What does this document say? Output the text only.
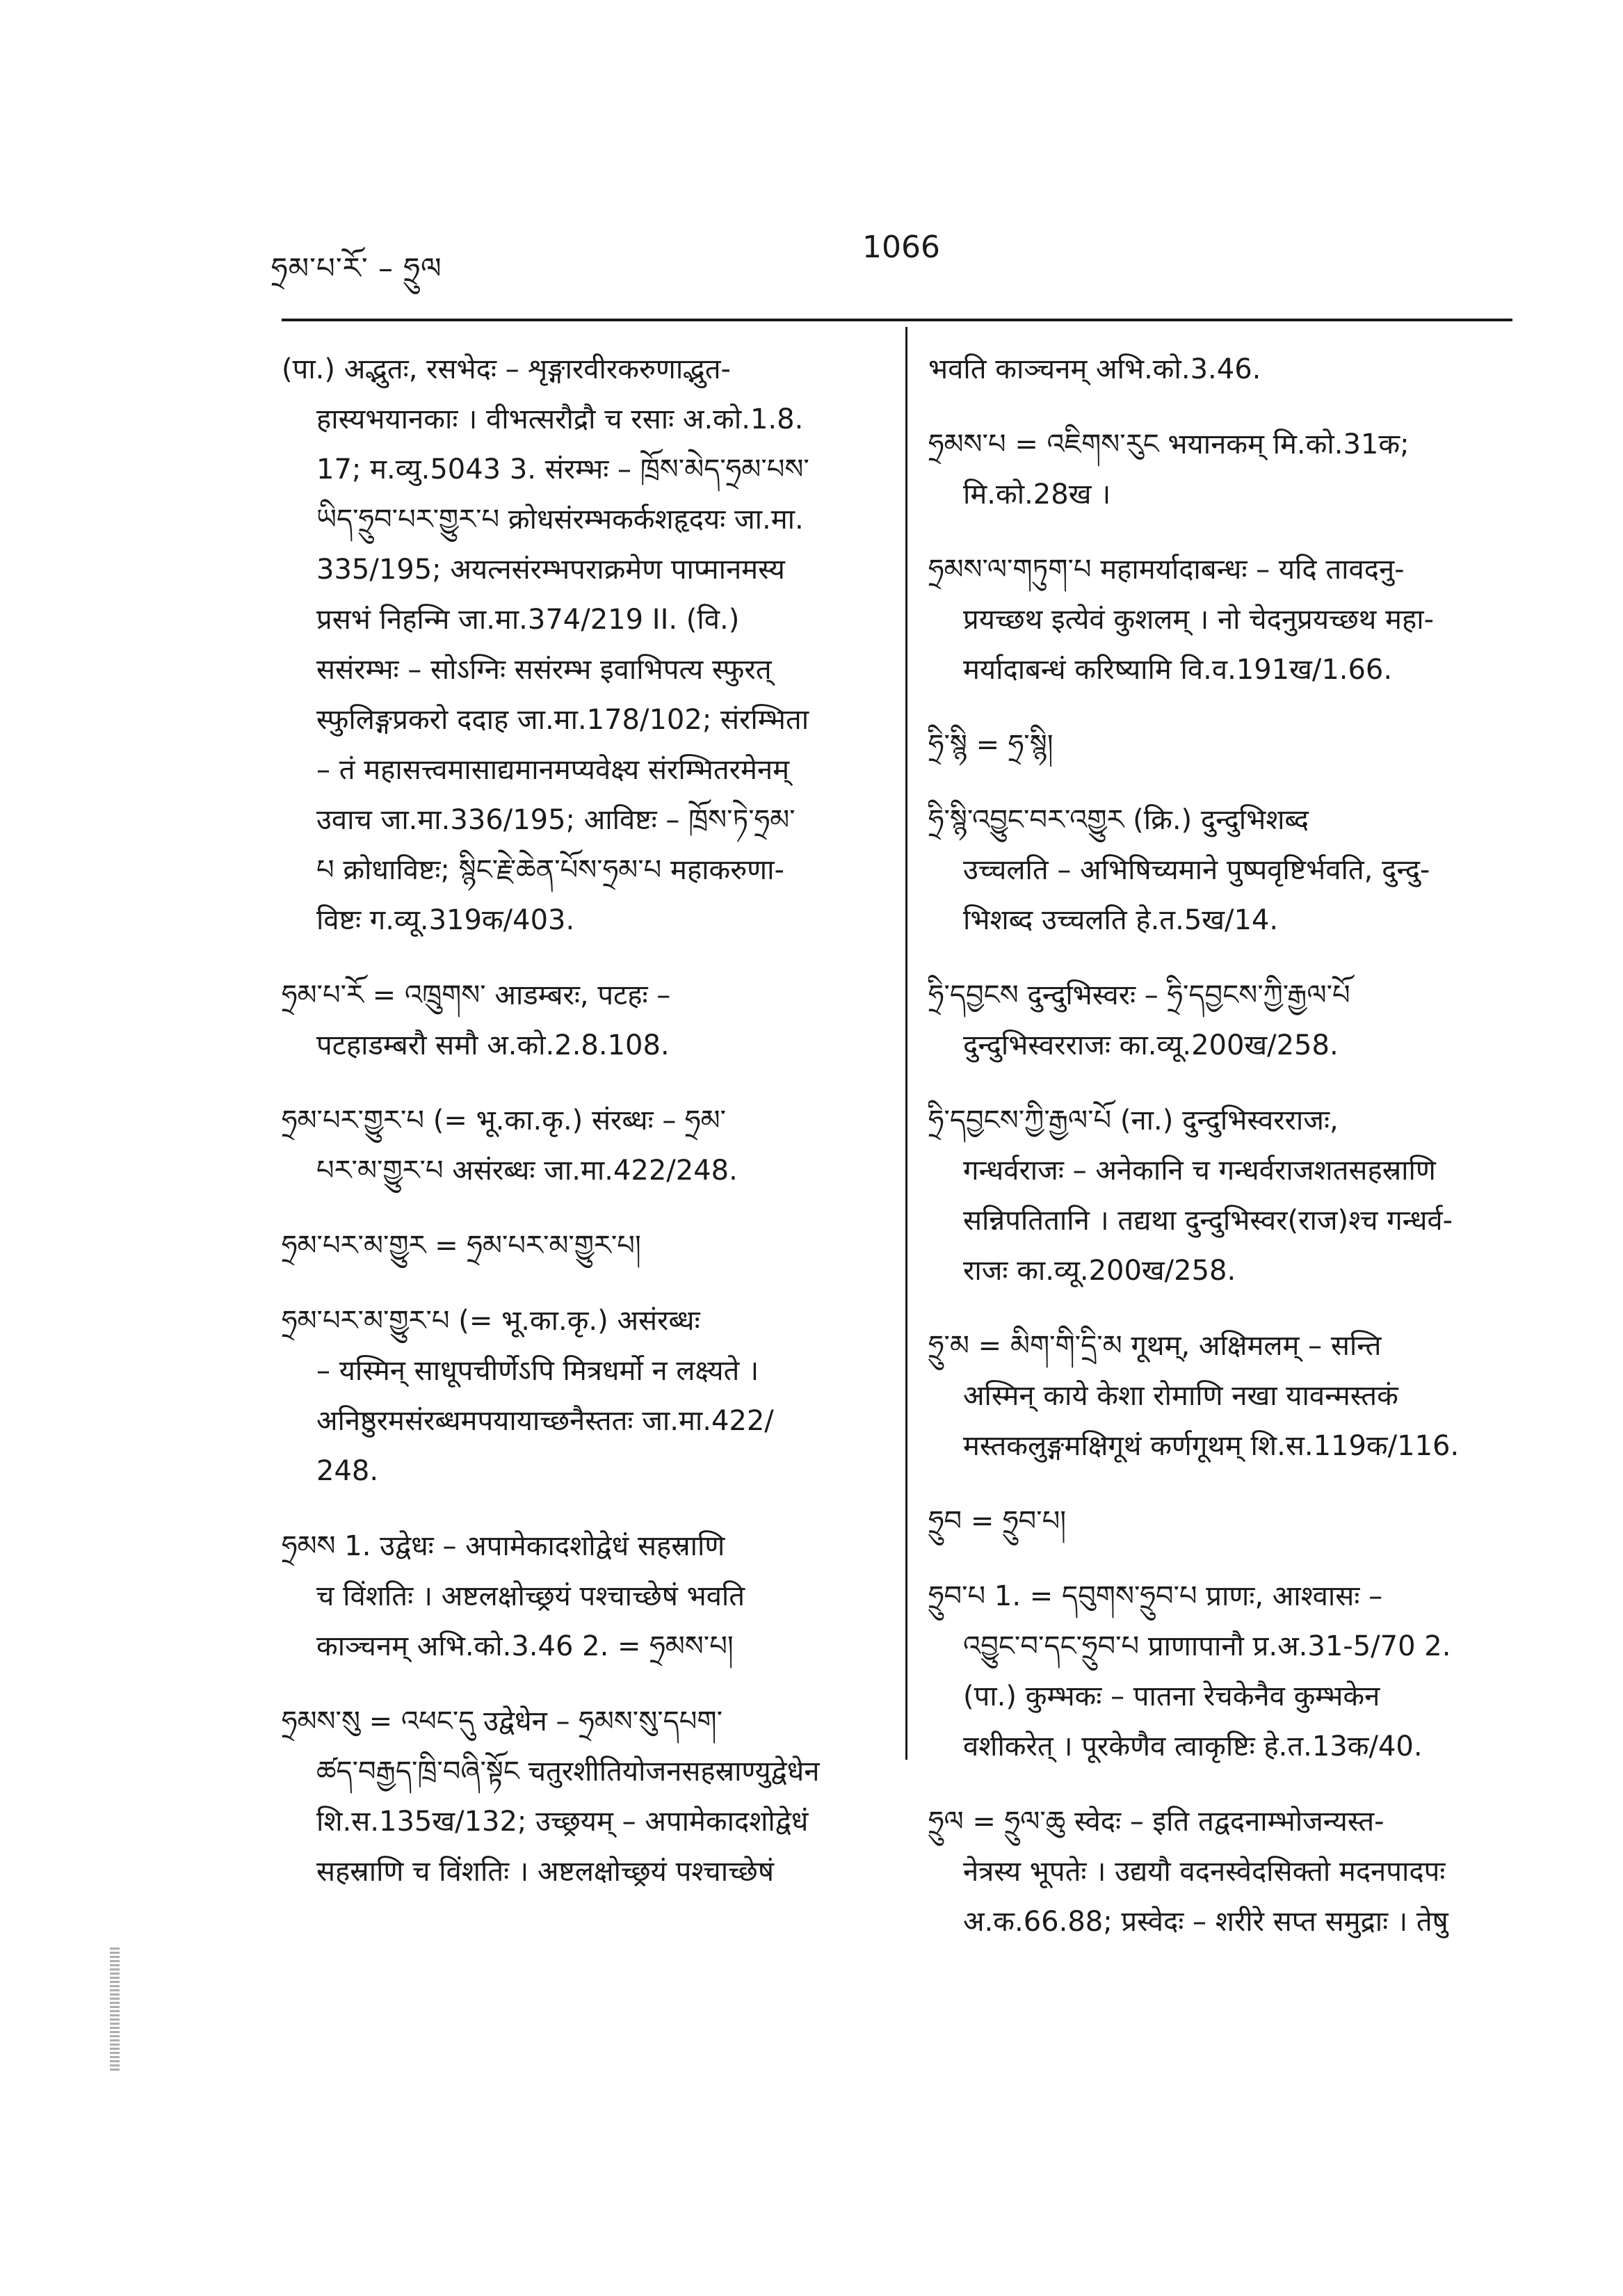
ཧྲམ་པ་རོ་ – ཧྲུལ
1066
(पा.) अद्भुतः, रसभेदः – शृङ्गारवीरकरुणाद्भुत-
हास्यभयानकाः । वीभत्सरौद्रौ च रसाः अ.को.1.8.
17; म.व्यु.5043 3. संरम्भः – ཁྲོས་མེད་ཧྲམ་པས་
ཡིད་ཧྲུབ་པར་གྱུར་པ क्रोधसंरम्भकर्कशहृदयः जा.मा.
335/195; अयत्नसंरम्भपराक्रमेण पाप्मानमस्य
प्रसभं निहन्मि जा.मा.374/219 II. (वि.)
ससंरम्भः – सोऽग्निः ससंरम्भ इवाभिपत्य स्फुरत्
स्फुलिङ्गप्रकरो ददाह जा.मा.178/102; संरम्भिता
– तं महासत्त्वमासाद्यमानमप्यवेक्ष्य संरम्भितरमेनम्
उवाच जा.मा.336/195; आविष्टः – ཁྲོས་ཏེ་ཧྲམ་
པ क्रोधाविष्टः; སྙིང་རྗེ་ཆེན་པོས་ཧྲམ་པ महाकरुणा-
विष्टः ग.व्यू.319क/403.
ཧྲམ་པ་རོ = འཁྲུགས་ आडम्बरः, पटहः –
पटहाडम्बरौ समौ अ.को.2.8.108.
ཧྲམ་པར་གྱུར་པ (= भू.का.कृ.) संरब्धः – ཧྲམ་
པར་མ་གྱུར་པ असंरब्धः जा.मा.422/248.
ཧྲམ་པར་མ་གྱུར = ཧྲམ་པར་མ་གྱུར་པ།
ཧྲམ་པར་མ་གྱུར་པ (= भू.का.कृ.) असंरब्धः
– यस्मिन् साधूपचीर्णेऽपि मित्रधर्मो न लक्ष्यते ।
अनिष्ठुरमसंरब्धमपयायाच्छनैस्ततः जा.मा.422/
248.
ཧྲམས 1. उद्वेधः – अपामेकादशोद्वेधं सहस्राणि
च विंशतिः । अष्टलक्षोच्छ्रयं पश्चाच्छेषं भवति
काञ्चनम् अभि.को.3.46 2. = ཧྲམས་པ།
ཧྲམས་སུ = འཕང་དུ उद्वेधेन – ཧྲམས་སུ་དཔག་
ཚད་བརྒྱད་ཁྲི་བཞི་སྟོང चतुरशीतियोजनसहस्राण्युद्वेधेन
शि.स.135ख/132; उच्छ्रयम् – अपामेकादशोद्वेधं
सहस्राणि च विंशतिः । अष्टलक्षोच्छ्रयं पश्चाच्छेषं
भवति काञ्चनम् अभि.को.3.46.
ཧྲམས་པ = འཇིགས་རུང भयानकम् मि.को.31क;
मि.को.28ख ।
ཧྲམས་ལ་གཏུག་པ महामर्यादाबन्धः – यदि तावदनु-
प्रयच्छथ इत्येवं कुशलम् । नो चेदनुप्रयच्छथ महा-
मर्यादाबन्धं करिष्यामि वि.व.191ख/1.66.
ཧྲི་སྙི = ཧྲ་སྙི།
ཧྲི་སྙི་འབྱུང་བར་འགྱུར (क्रि.) दुन्दुभिशब्द
उच्चलति – अभिषिच्यमाने पुष्पवृष्टिर्भवति, दुन्दु-
भिशब्द उच्चलति हे.त.5ख/14.
ཧྲི་དབྱངས दुन्दुभिस्वरः – ཧྲི་དབྱངས་ཀྱི་རྒྱལ་པོ
दुन्दुभिस्वरराजः का.व्यू.200ख/258.
ཧྲི་དབྱངས་ཀྱི་རྒྱལ་པོ (ना.) दुन्दुभिस्वरराजः,
गन्धर्वराजः – अनेकानि च गन्धर्वराजशतसहस्राणि
सन्निपतितानि । तद्यथा दुन्दुभिस्वर(राज)श्च गन्धर्व-
राजः का.व्यू.200ख/258.
ཧྲུ་མ = མིག་གི་དྲི་མ गूथम्, अक्षिमलम् – सन्ति
अस्मिन् काये केशा रोमाणि नखा यावन्मस्तकं
मस्तकलुङ्गमक्षिगूथं कर्णगूथम् शि.स.119क/116.
ཧྲུབ = ཧྲུབ་པ།
ཧྲུབ་པ 1. = དབུགས་ཧྲུབ་པ प्राणः, आश्वासः –
འབྱུང་བ་དང་ཧྲུབ་པ प्राणापानौ प्र.अ.31-5/70 2.
(पा.) कुम्भकः – पातना रेचकेनैव कुम्भकेन
वशीकरेत् । पूरकेणैव त्वाकृष्टिः हे.त.13क/40.
ཧྲུལ = ཧྲུལ་ཆུ स्वेदः – इति तद्वदनाम्भोजन्यस्त-
नेत्रस्य भूपतेः । उद्ययौ वदनस्वेदसिक्तो मदनपादपः
अ.क.66.88; प्रस्वेदः – शरीरे सप्त समुद्राः । तेषु
